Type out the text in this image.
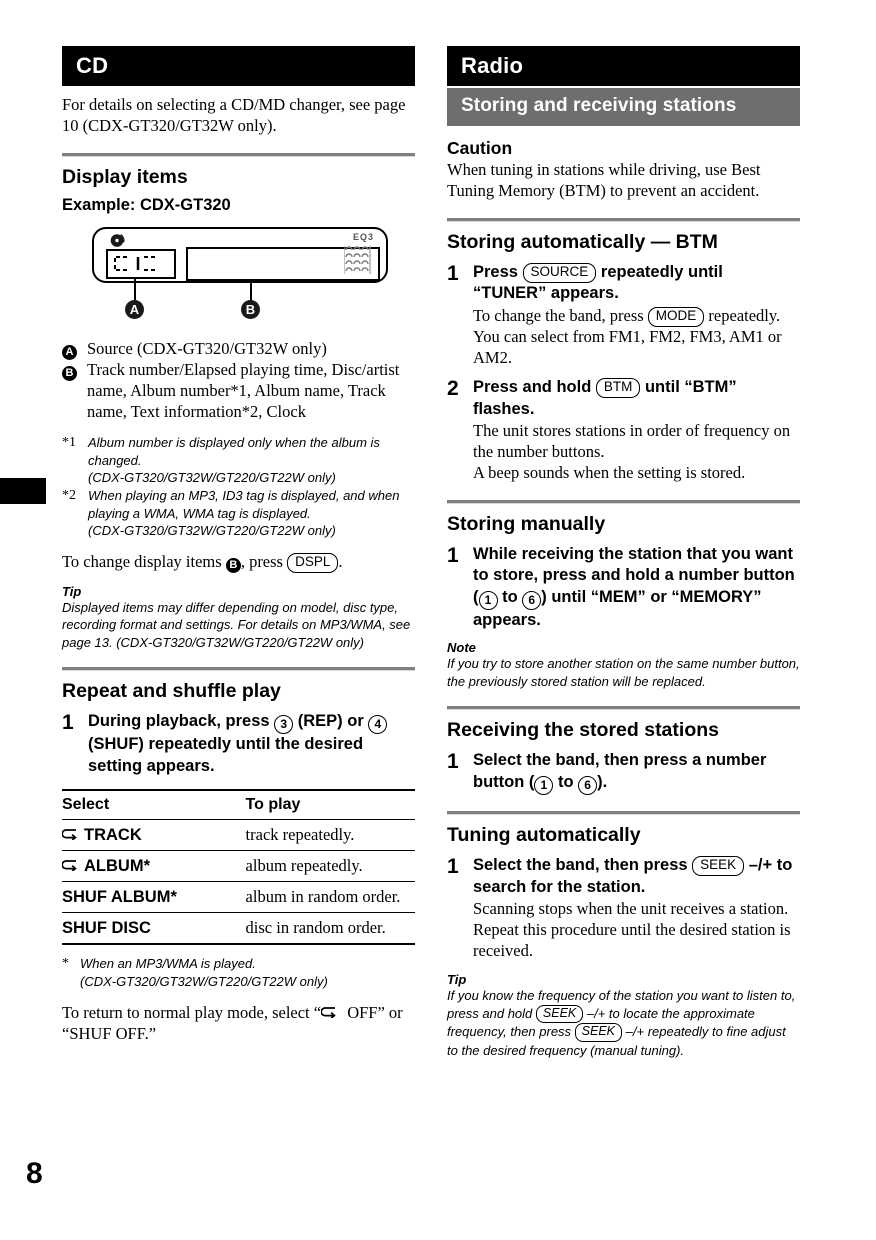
8
CD
For details on selecting a CD/MD changer, see page 10 (CDX-GT320/GT32W only).
Display items
Example: CDX-GT320
EQ3
A	B
A Source (CDX-GT320/GT32W only)
B Track number/Elapsed playing time, Disc/artist name, Album number*1, Album name, Track name, Text information*2, Clock
*1 Album number is displayed only when the album is changed.
(CDX-GT320/GT32W/GT220/GT22W only)
*2 When playing an MP3, ID3 tag is displayed, and when playing a WMA, WMA tag is displayed.
(CDX-GT320/GT32W/GT220/GT22W only)
To change display items B , press DSPL .
Tip
Displayed items may differ depending on model, disc type, recording format and settings. For details on MP3/WMA, see page 13. (CDX-GT320/GT32W/GT220/GT22W only)
Repeat and shuffle play
1 During playback, press 3 (REP) or 4 (SHUF) repeatedly until the desired setting appears.
Select	To play

TRACK	track repeatedly.

ALBUM*	album repeatedly.
SHUF ALBUM*	album in random order.
SHUF DISC	disc in random order.
* When an MP3/WMA is played.
(CDX-GT320/GT32W/GT220/GT22W only)
To return to normal play mode, select “
OFF” or “SHUF OFF.”
Radio
Storing and receiving stations
Caution
When tuning in stations while driving, use Best Tuning Memory (BTM) to prevent an accident.
Storing automatically — BTM
1 Press SOURCE repeatedly until “TUNER” appears.
To change the band, press MODE repeatedly. You can select from FM1, FM2, FM3, AM1 or AM2.
2 Press and hold BTM until “BTM” flashes.
The unit stores stations in order of frequency on the number buttons.
A beep sounds when the setting is stored.
Storing manually
1 While receiving the station that you want to store, press and hold a number button ( 1 to 6 ) until “MEM” or “MEMORY” appears.
Note
If you try to store another station on the same number button, the previously stored station will be replaced.
Receiving the stored stations
1 Select the band, then press a number button ( 1 to 6 ).
Tuning automatically
1 Select the band, then press SEEK –/+ to search for the station.
Scanning stops when the unit receives a station. Repeat this procedure until the desired station is received.
Tip
If you know the frequency of the station you want to listen to, press and hold SEEK –/+ to locate the approximate frequency, then press SEEK –/+ repeatedly to fine adjust to the desired frequency (manual tuning).
